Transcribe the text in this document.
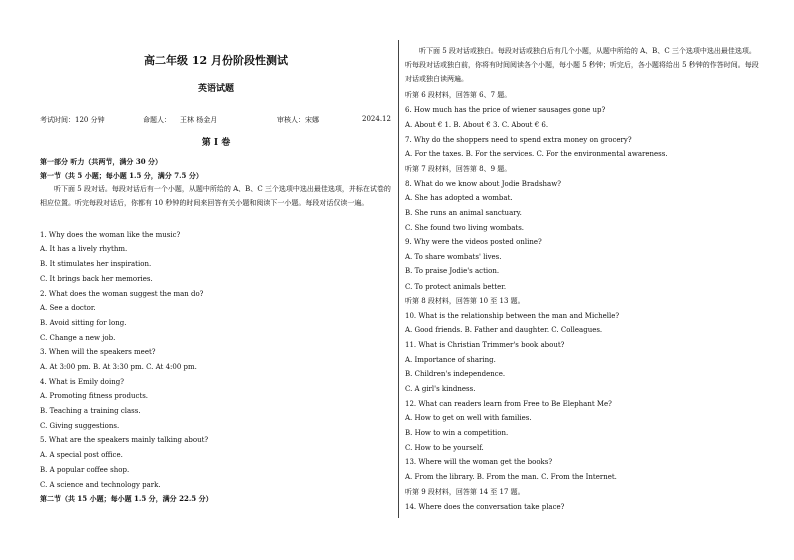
高二年级 12 月份阶段性测试
英语试题
考试时间：120 分钟	命题人： 王林 杨金月	审核人：宋娜	2024.12
第 I 卷
第一部分 听力（共两节，满分 30 分）
第一节（共 5 小题；每小题 1.5 分，满分 7.5 分）
1. Why does the woman like the music?
A. It has a lively rhythm.
B. It stimulates her inspiration.
C. It brings back her memories.
2. What does the woman suggest the man do?
A. See a doctor.
B. Avoid sitting for long.
C. Change a new job.
3. When will the speakers meet?
A. At 3:00 pm. B. At 3:30 pm. C. At 4:00 pm.
4. What is Emily doing?
A. Promoting fitness products.
B. Teaching a training class.
C. Giving suggestions.
5. What are the speakers mainly talking about?
A. A special post office.
B. A popular coffee shop.
C. A science and technology park.
第二节（共 15 小题；每小题 1.5 分，满分 22.5 分）
听下面 5 段对话。每段对话后有一个小题，从题中所给的 A、B、C 三个选项中选出最佳选项，并标在试卷的相应位置。听完每段对话后，你都有 10 秒钟的时间来回答有关小题和阅读下一小题。每段对话仅读一遍。
听下面 5 段对话或独白。每段对话或独白后有几个小题，从题中所给的 A、B、C 三个选项中选出最佳选项。听每段对话或独白前，你将有时间阅读各个小题，每小题 5 秒钟；听完后，各小题将给出 5 秒钟的作答时间。每段对话或独白读两遍。
听第 6 段材料，回答第 6、7 题。
6. How much has the price of wiener sausages gone up?
A. About € 1. B. About € 3. C. About € 6.
7. Why do the shoppers need to spend extra money on grocery?
A. For the taxes. B. For the services. C. For the environmental awareness.
听第 7 段材料，回答第 8、9 题。
8. What do we know about Jodie Bradshaw?
A. She has adopted a wombat.
B. She runs an animal sanctuary.
C. She found two living wombats.
9. Why were the videos posted online?
A. To share wombats' lives.
B. To praise Jodie's action.
C. To protect animals better.
听第 8 段材料，回答第 10 至 13 题。
10. What is the relationship between the man and Michelle?
A. Good friends. B. Father and daughter. C. Colleagues.
11. What is Christian Trimmer's book about?
A. Importance of sharing.
B. Children's independence.
C. A girl's kindness.
12. What can readers learn from Free to Be Elephant Me?
A. How to get on well with families.
B. How to win a competition.
C. How to be yourself.
13. Where will the woman get the books?
A. From the library. B. From the man. C. From the Internet.
听第 9 段材料，回答第 14 至 17 题。
14. Where does the conversation take place?
